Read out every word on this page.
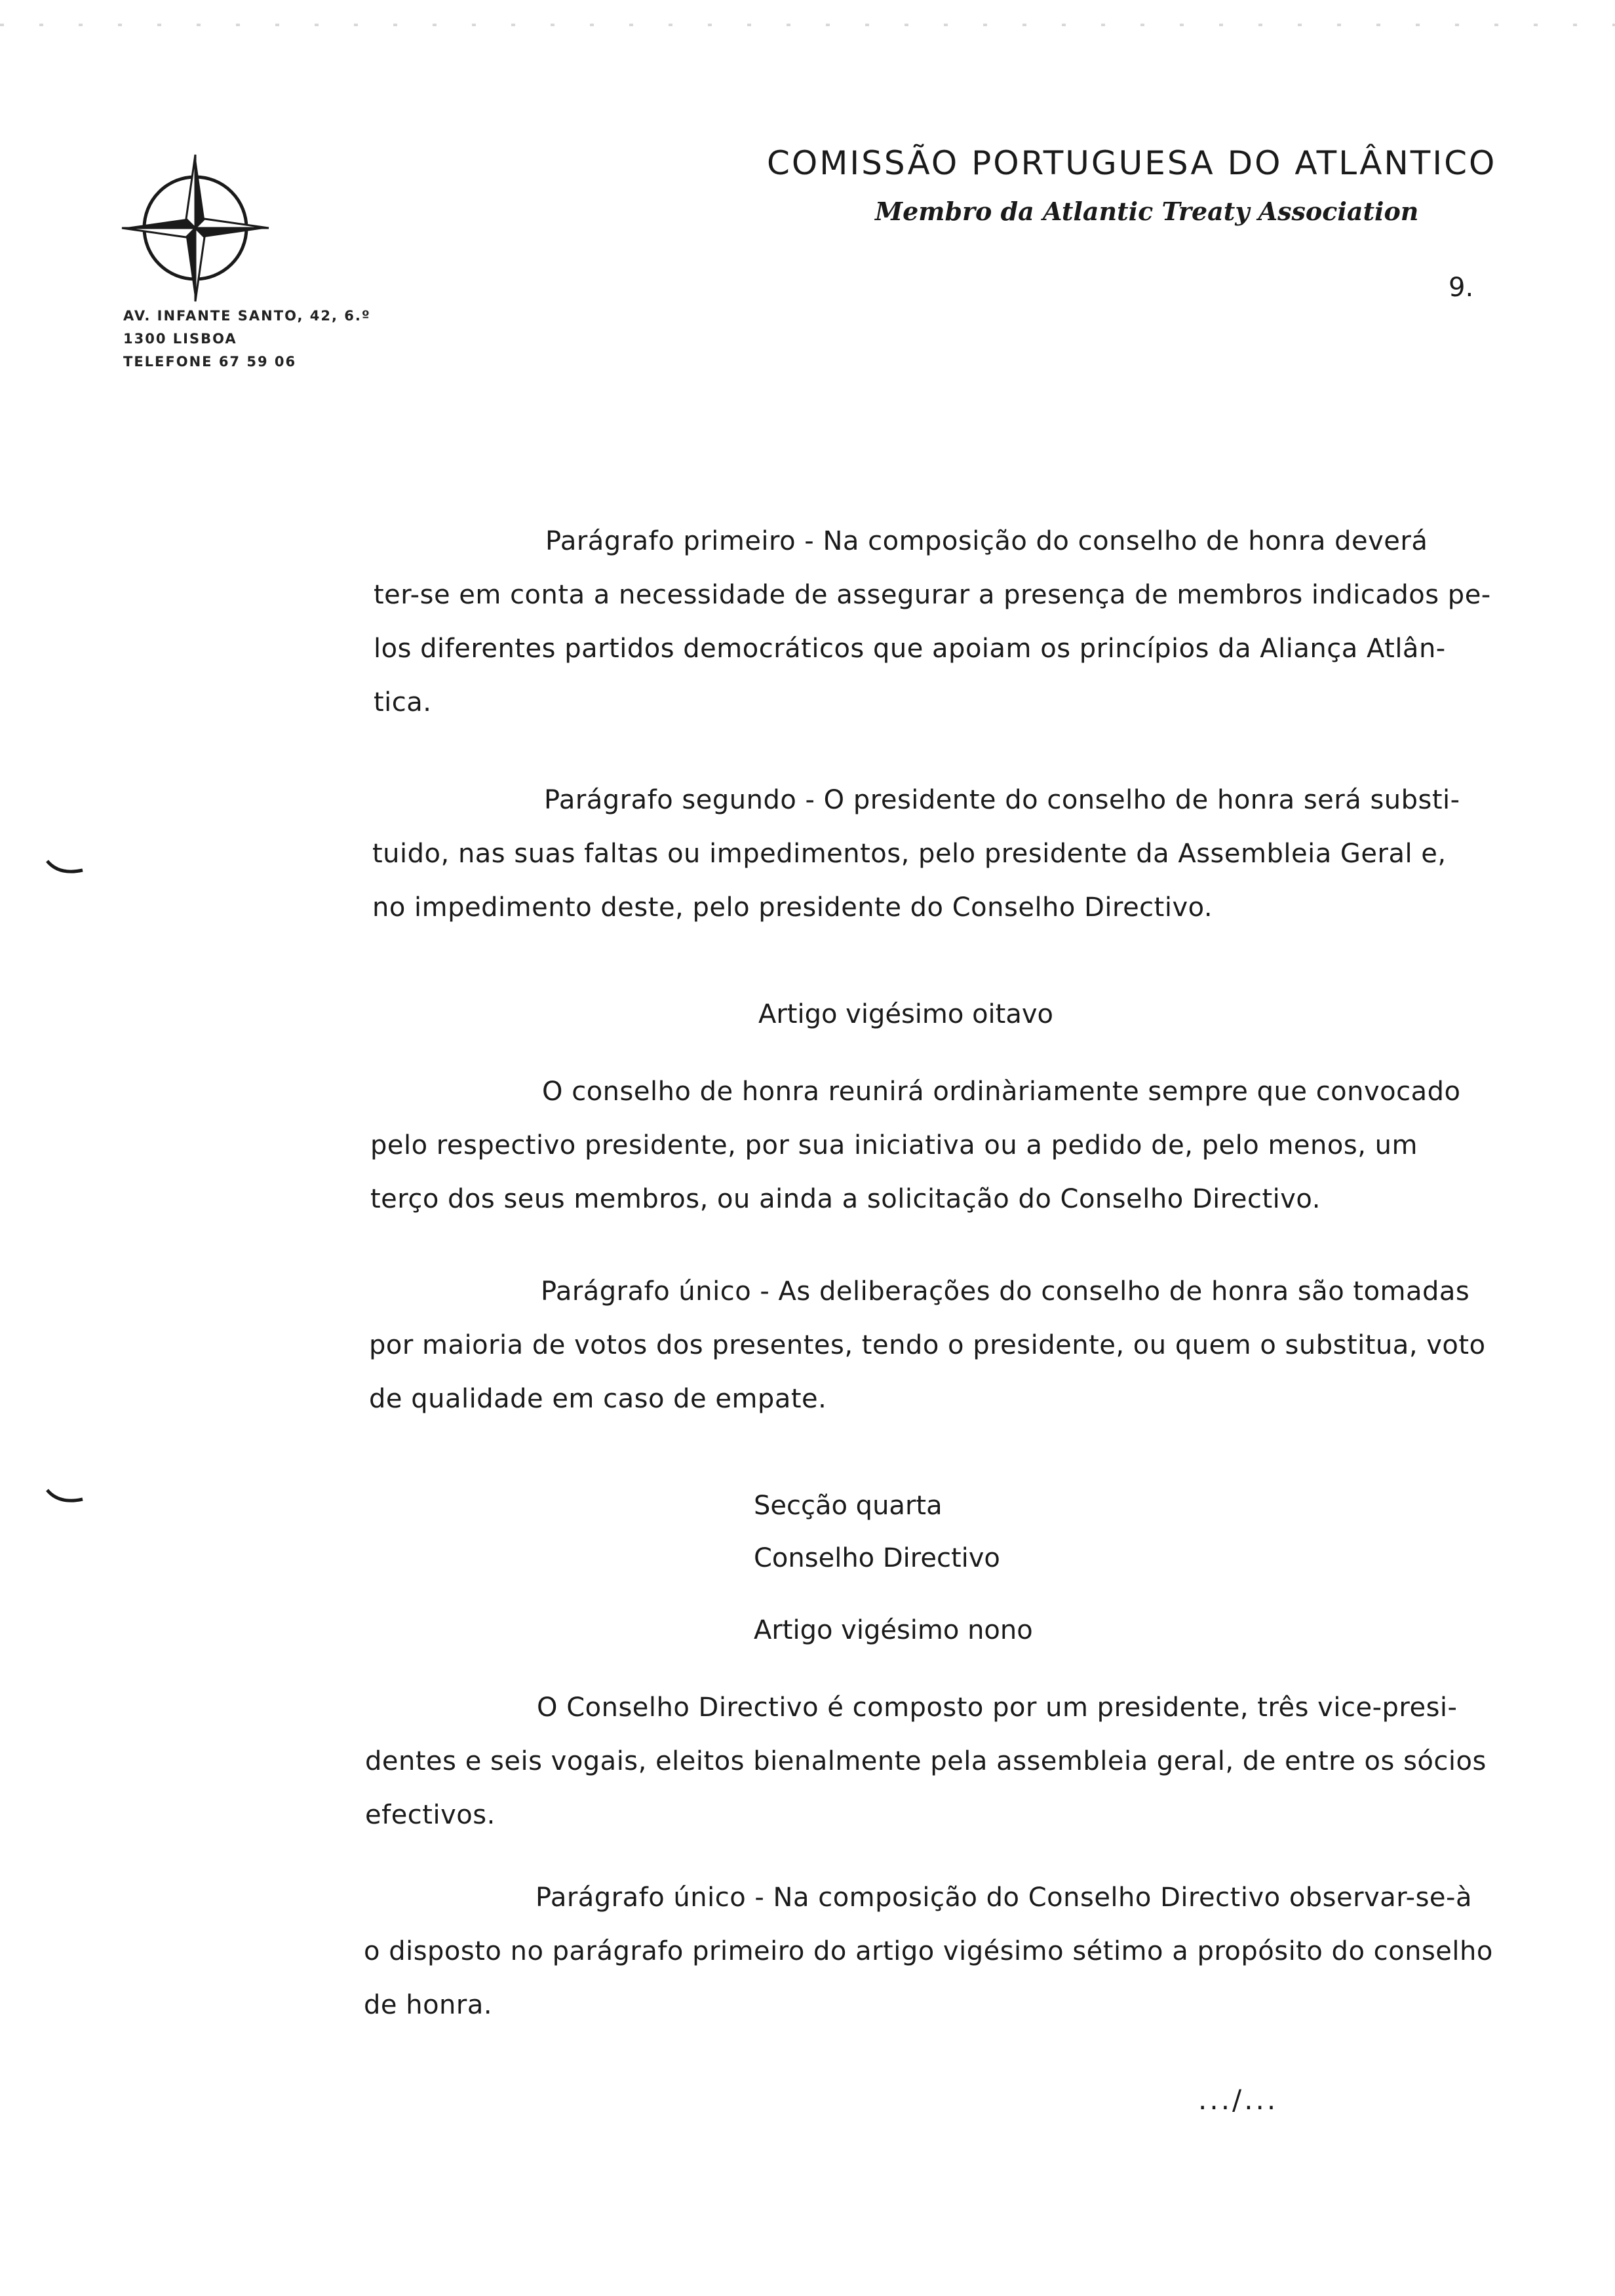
AV. INFANTE SANTO, 42, 6.º
1300 LISBOA
TELEFONE 67 59 06
COMISSÃO PORTUGUESA DO ATLÂNTICO
Membro da Atlantic Treaty Association
9.
Parágrafo primeiro - Na composição do conselho de honra deverá
ter-se em conta a necessidade de assegurar a presença de membros indicados pe-
los diferentes partidos democráticos que apoiam os princípios da Aliança Atlân-
tica.
Parágrafo segundo - O presidente do conselho de honra será substi-
tuido, nas suas faltas ou impedimentos, pelo presidente da Assembleia Geral e,
no impedimento deste, pelo presidente do Conselho Directivo.
Artigo vigésimo oitavo
O conselho de honra reunirá ordinàriamente sempre que convocado
pelo respectivo presidente, por sua iniciativa ou a pedido de, pelo menos, um
terço dos seus membros, ou ainda a solicitação do Conselho Directivo.
Parágrafo único - As deliberações do conselho de honra são tomadas
por maioria de votos dos presentes, tendo o presidente, ou quem o substitua, voto
de qualidade em caso de empate.
Secção quarta
Conselho Directivo
Artigo vigésimo nono
O Conselho Directivo é composto por um presidente, três vice-presi-
dentes e seis vogais, eleitos bienalmente pela assembleia geral, de entre os sócios
efectivos.
Parágrafo único - Na composição do Conselho Directivo observar-se-à
o disposto no parágrafo primeiro do artigo vigésimo sétimo a propósito do conselho
de honra.
.../...
